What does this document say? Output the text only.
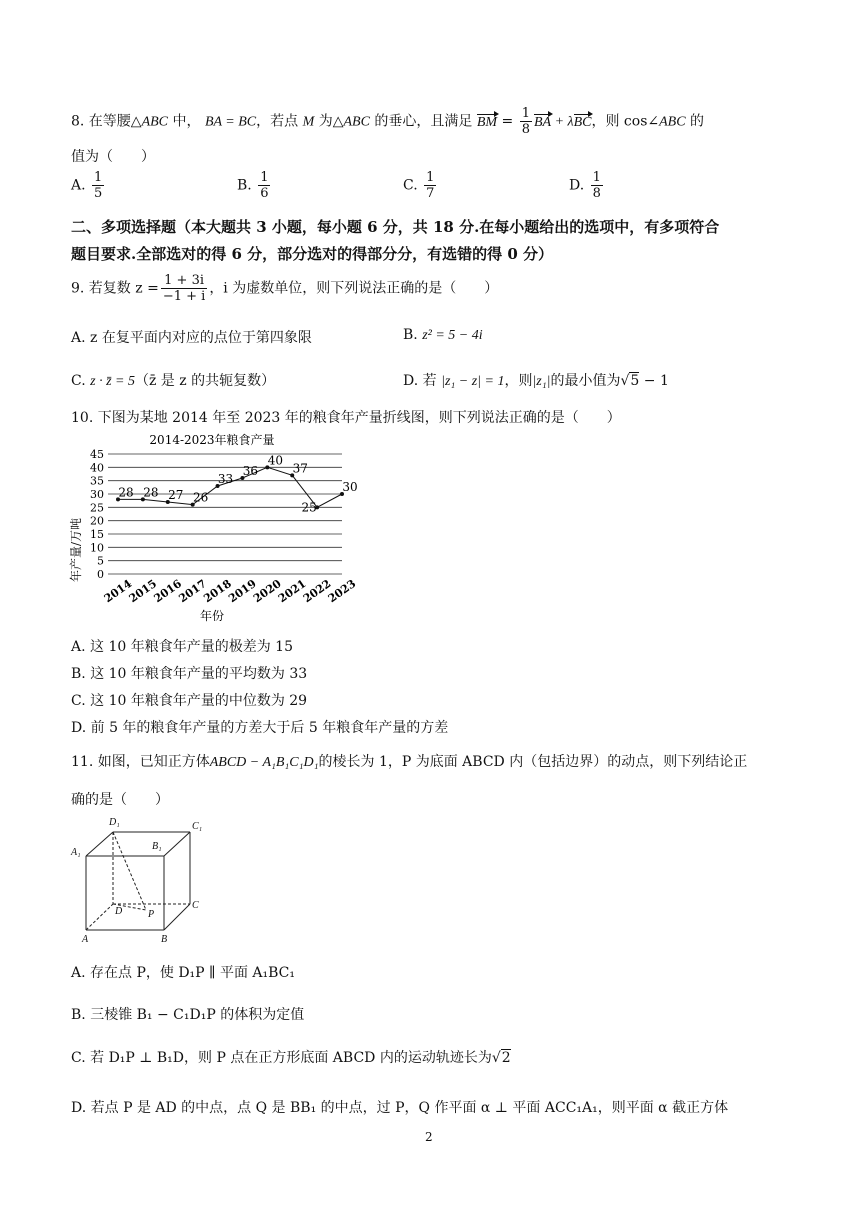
8. 在等腰△ABC 中， BA = BC，若点 M 为△ABC 的垂心，且满足 BM = $\frac{1}{8}$ BA + λBC，则 cos∠ABC 的
值为（　　）
A. $\frac{1}{5}$	B. $\frac{1}{6}$	C. $\frac{1}{7}$	D. $\frac{1}{8}$
二、多项选择题（本大题共 3 小题，每小题 6 分，共 18 分.在每小题给出的选项中，有多项符合
题目要求.全部选对的得 6 分，部分选对的得部分分，有选错的得 0 分）
9. 若复数 $z = \frac{1 + 3i}{-1 + i}$ ，i 为虚数单位，则下列说法正确的是（　　）
A. z 在复平面内对应的点位于第四象限	B. z² = 5 − 4i
C. z · z̄ = 5（z̄ 是 z 的共轭复数）	D. 若 |z₁ − z| = 1，则|z₁|的最小值为√5 − 1
10. 下图为某地 2014 年至 2023 年的粮食年产量折线图，则下列说法正确的是（　　）
2014-2023年粮食产量
0
5
10
15
20
25
30
35
40
45
2014
2015
2016
2017
2018
2019
2020
2021
2022
2023
28 28 27 26
33
36
40
37
25
30
年产量/万吨
年份
A. 这 10 年粮食年产量的极差为 15
B. 这 10 年粮食年产量的平均数为 33
C. 这 10 年粮食年产量的中位数为 29
D. 前 5 年的粮食年产量的方差大于后 5 年粮食年产量的方差
11. 如图，已知正方体ABCD − A₁B₁C₁D₁的棱长为 1，P 为底面 ABCD 内（包括边界）的动点，则下列结论正
确的是（　　）
D₁	C₁
A₁
B₁
D
C
P
A	B
A. 存在点 P，使 D₁P ∥ 平面 A₁BC₁
B. 三棱锥 B₁ − C₁D₁P 的体积为定值
C. 若 D₁P ⊥ B₁D，则 P 点在正方形底面 ABCD 内的运动轨迹长为√2
D. 若点 P 是 AD 的中点，点 Q 是 BB₁ 的中点，过 P，Q 作平面 α ⊥ 平面 ACC₁A₁，则平面 α 截正方体
2
